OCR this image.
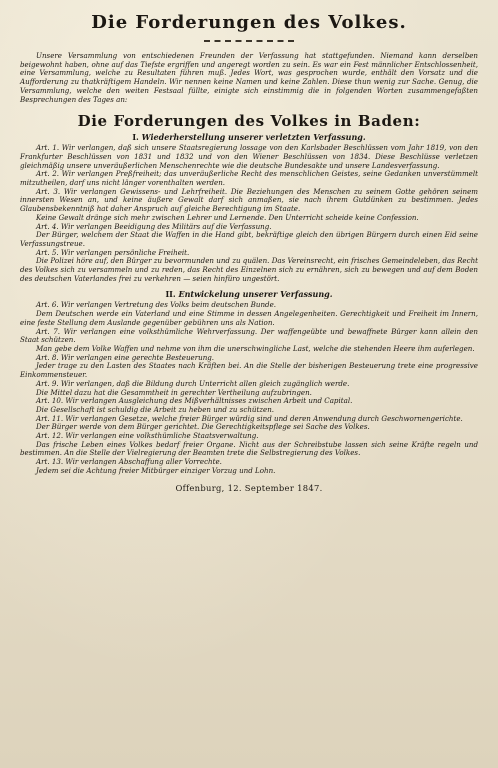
Die Forderungen des Volkes.

Unsere Versammlung von entschiedenen Freunden der Verfassung hat stattgefunden. Niemand kann derselben beigewohnt haben, ohne auf das Tiefste ergriffen und angeregt worden zu sein. Es war ein Fest männlicher Entschlossenheit, eine Versammlung, welche zu Resultaten führen muß. Jedes Wort, was gesprochen wurde, enthält den Vorsatz und die Aufforderung zu thatkräftigem Handeln. Wir nennen keine Namen und keine Zahlen. Diese thun wenig zur Sache. Genug, die Versammlung, welche den weiten Festsaal füllte, einigte sich einstimmig die in folgenden Worten zusammengefaßten Besprechungen des Tages an:

Die Forderungen des Volkes in Baden:
I. Wiederherstellung unserer verletzten Verfassung.

Art. 1. Wir verlangen, daß sich unsere Staatsregierung lossage von den Karlsbader Beschlüssen vom Jahr 1819, von den Frankfurter Beschlüssen von 1831 und 1832 und von den Wiener Beschlüssen von 1834. Diese Beschlüsse verletzen gleichmäßig unsere unveräußerlichen Menschenrechte wie die deutsche Bundesakte und unsere Landesverfassung.

Art. 2. Wir verlangen Preßfreiheit; das unveräußerliche Recht des menschlichen Geistes, seine Gedanken unverstümmelt mitzutheilen, darf uns nicht länger vorenthalten werden.

Art. 3. Wir verlangen Gewissens- und Lehrfreiheit. Die Beziehungen des Menschen zu seinem Gotte gehören seinem innersten Wesen an, und keine äußere Gewalt darf sich anmaßen, sie nach ihrem Gutdünken zu bestimmen. Jedes Glaubensbekenntniß hat daher Anspruch auf gleiche Berechtigung im Staate.

Keine Gewalt dränge sich mehr zwischen Lehrer und Lernende. Den Unterricht scheide keine Confession.

Art. 4. Wir verlangen Beeidigung des Militärs auf die Verfassung.

Der Bürger, welchem der Staat die Waffen in die Hand gibt, bekräftige gleich den übrigen Bürgern durch einen Eid seine Verfassungstreue.

Art. 5. Wir verlangen persönliche Freiheit.

Die Polizei höre auf, den Bürger zu bevormunden und zu quälen. Das Vereinsrecht, ein frisches Gemeindeleben, das Recht des Volkes sich zu versammeln und zu reden, das Recht des Einzelnen sich zu ernähren, sich zu bewegen und auf dem Boden des deutschen Vaterlandes frei zu verkehren — seien hinfüro ungestört.

II. Entwickelung unserer Verfassung.

Art. 6. Wir verlangen Vertretung des Volks beim deutschen Bunde.

Dem Deutschen werde ein Vaterland und eine Stimme in dessen Angelegenheiten. Gerechtigkeit und Freiheit im Innern, eine feste Stellung dem Auslande gegenüber gebühren uns als Nation.

Art. 7. Wir verlangen eine volksthümliche Wehrverfassung. Der waffengeübte und bewaffnete Bürger kann allein den Staat schützen.

Man gebe dem Volke Waffen und nehme von ihm die unerschwingliche Last, welche die stehenden Heere ihm auferlegen.

Art. 8. Wir verlangen eine gerechte Besteuerung.

Jeder trage zu den Lasten des Staates nach Kräften bei. An die Stelle der bisherigen Besteuerung trete eine progressive Einkommensteuer.

Art. 9. Wir verlangen, daß die Bildung durch Unterricht allen gleich zugänglich werde.

Die Mittel dazu hat die Gesammtheit in gerechter Vertheilung aufzubringen.

Art. 10. Wir verlangen Ausgleichung des Mißverhältnisses zwischen Arbeit und Capital.

Die Gesellschaft ist schuldig die Arbeit zu heben und zu schützen.

Art. 11. Wir verlangen Gesetze, welche freier Bürger würdig sind und deren Anwendung durch Geschwornengerichte.

Der Bürger werde von dem Bürger gerichtet. Die Gerechtigkeitspflege sei Sache des Volkes.

Art. 12. Wir verlangen eine volksthümliche Staatsverwaltung.

Das frische Leben eines Volkes bedarf freier Organe. Nicht aus der Schreibstube lassen sich seine Kräfte regeln und bestimmen. An die Stelle der Vielregierung der Beamten trete die Selbstregierung des Volkes.

Art. 13. Wir verlangen Abschaffung aller Vorrechte.

Jedem sei die Achtung freier Mitbürger einziger Vorzug und Lohn.

Offenburg, 12. September 1847.
